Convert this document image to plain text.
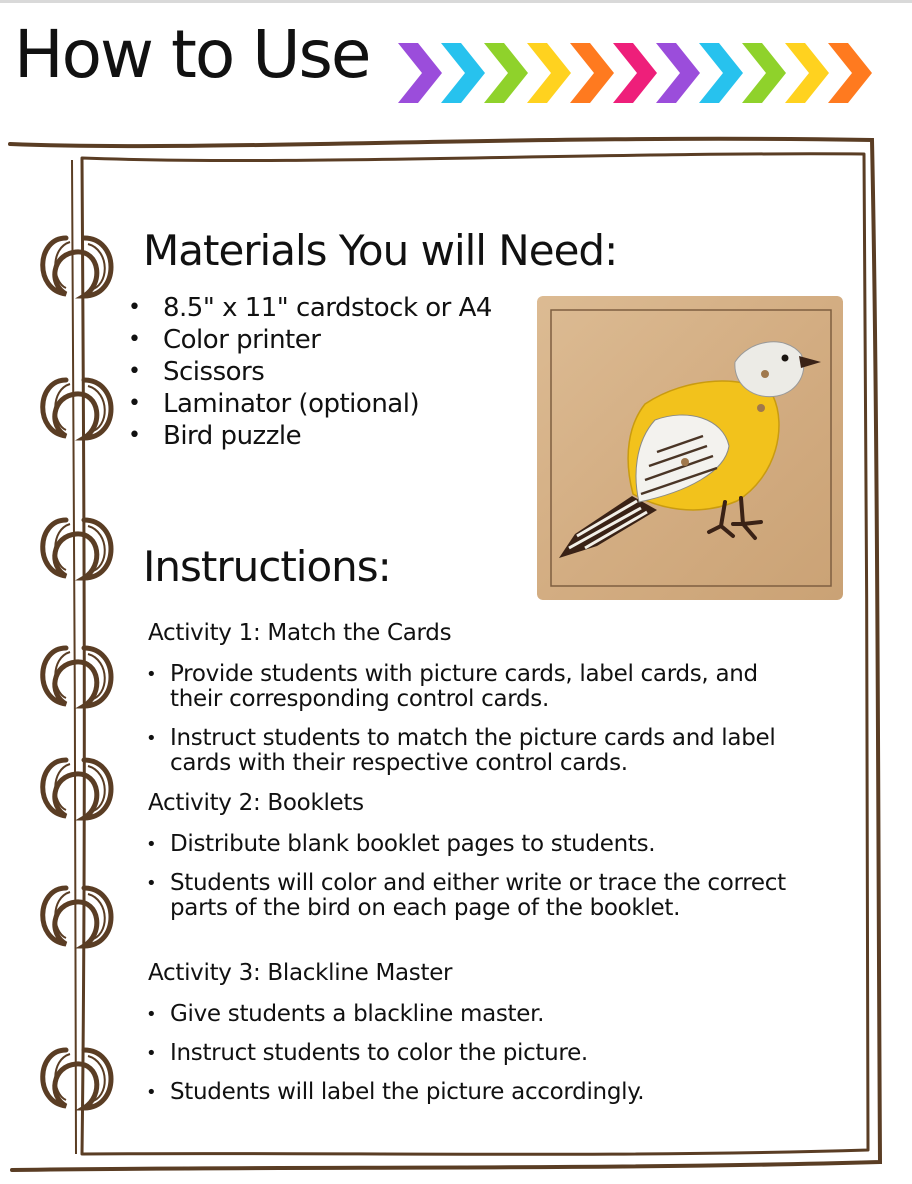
How to Use
Materials You will Need:
• 8.5" x 11" cardstock or A4
• Color printer
• Scissors
• Laminator (optional)
• Bird puzzle
Instructions:
Activity 1: Match the Cards
• Provide students with picture cards, label cards, and their corresponding control cards.
• Instruct students to match the picture cards and label cards with their respective control cards.
Activity 2: Booklets
• Distribute blank booklet pages to students.
• Students will color and either write or trace the correct parts of the bird on each page of the booklet.
Activity 3: Blackline Master
• Give students a blackline master.
• Instruct students to color the picture.
• Students will label the picture accordingly.
